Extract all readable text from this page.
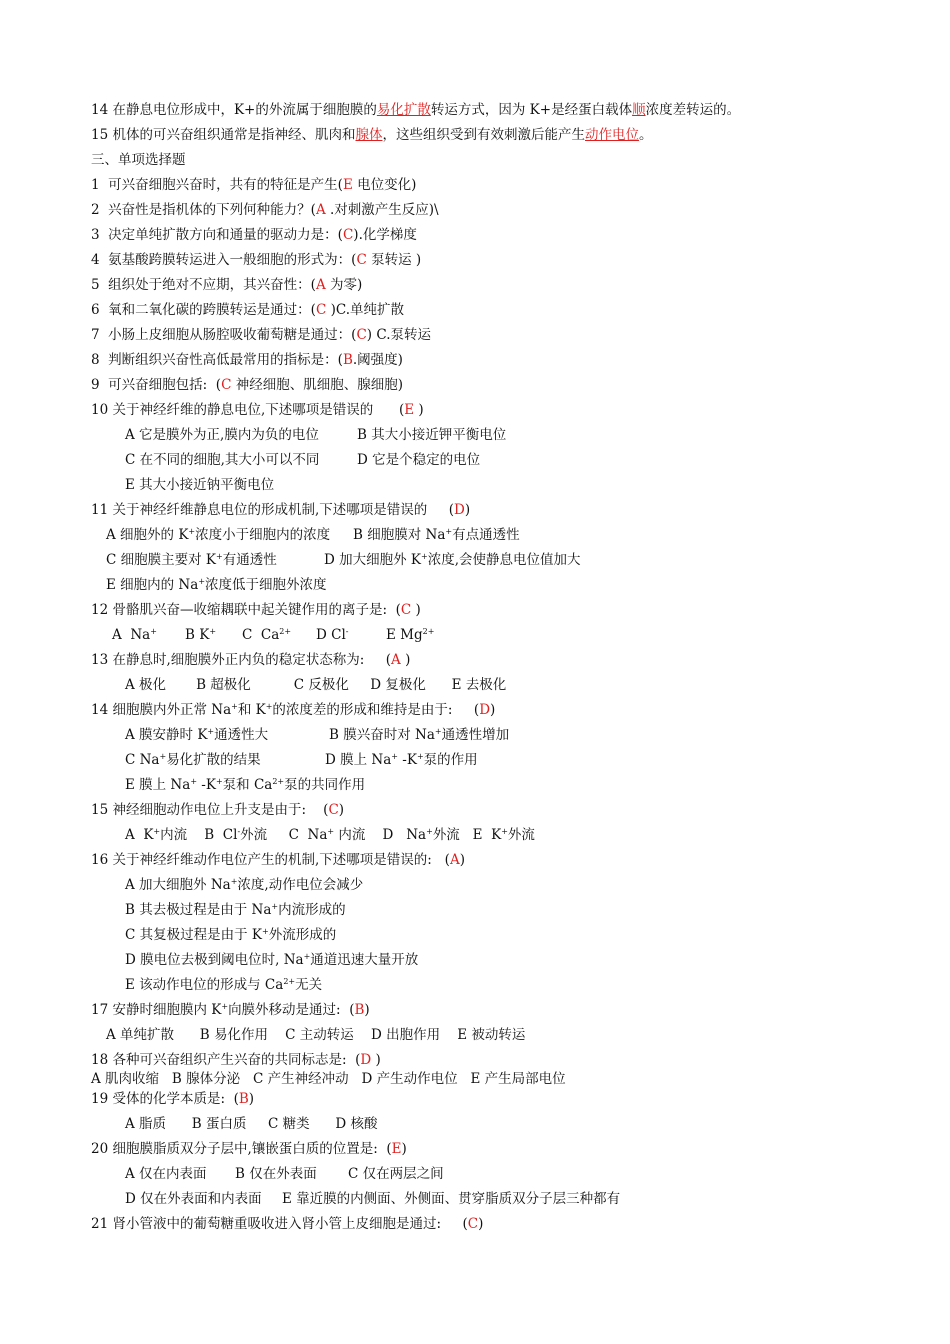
14 在静息电位形成中，K+的外流属于细胞膜的易化扩散转运方式，因为 K+是经蛋白载体顺浓度差转运的。
15 机体的可兴奋组织通常是指神经、肌肉和腺体，这些组织受到有效刺激后能产生动作电位。
三、单项选择题
1  可兴奋细胞兴奋时，共有的特征是产生(E 电位变化)
2  兴奋性是指机体的下列何种能力？(A .对刺激产生反应)\
3  决定单纯扩散方向和通量的驱动力是：(C).化学梯度
4  氨基酸跨膜转运进入一般细胞的形式为：(C 泵转运 )
5  组织处于绝对不应期，其兴奋性：(A 为零)
6  氧和二氧化碳的跨膜转运是通过：(C )C.单纯扩散
7  小肠上皮细胞从肠腔吸收葡萄糖是通过：(C) C.泵转运
8  判断组织兴奋性高低最常用的指标是：(B.阈强度)
9  可兴奋细胞包括:  (C 神经细胞、肌细胞、腺细胞)
10 关于神经纤维的静息电位,下述哪项是错误的      (E )
A 它是膜外为正,膜内为负的电位	B 其大小接近钾平衡电位
C 在不同的细胞,其大小可以不同	D 它是个稳定的电位
E 其大小接近钠平衡电位
11 关于神经纤维静息电位的形成机制,下述哪项是错误的     (D)
A 细胞外的 K+浓度小于细胞内的浓度 B 细胞膜对 Na+有点通透性
C 细胞膜主要对 K+有通透性	D 加大细胞外 K+浓度,会使静息电位值加大
E 细胞内的 Na+浓度低于细胞外浓度
12 骨骼肌兴奋—收缩耦联中起关键作用的离子是:  (C )
A  Na+ B K+ C  $Ca^{2+}$ D Cl-	E $Mg^{2+}$
13 在静息时,细胞膜外正内负的稳定状态称为:     (A )
A 极化       B 超极化          C 反极化     D 复极化      E 去极化
14 细胞膜内外正常 Na+和 K+的浓度差的形成和维持是由于:     (D)
A 膜安静时 K+通透性大	B 膜兴奋时对 Na+通透性增加
C Na+易化扩散的结果	D 膜上 Na+ -K+泵的作用
E 膜上 Na+ -K+泵和 $Ca^{2+}$泵的共同作用
15 神经细胞动作电位上升支是由于:    (C)
A  K+内流    B  Cl-外流     C  Na+ 内流    D   Na+外流   E  K+外流
16 关于神经纤维动作电位产生的机制,下述哪项是错误的:   (A)
A 加大细胞外 Na+浓度,动作电位会减少
B 其去极过程是由于 Na+内流形成的
C 其复极过程是由于 K+外流形成的
D 膜电位去极到阈电位时, Na+通道迅速大量开放
E 该动作电位的形成与 $Ca^{2+}$无关
17 安静时细胞膜内 K+向膜外移动是通过:  (B)
A 单纯扩散      B 易化作用    C 主动转运    D 出胞作用    E 被动转运
18 各种可兴奋组织产生兴奋的共同标志是:  (D )
A 肌肉收缩   B 腺体分泌   C 产生神经冲动   D 产生动作电位   E 产生局部电位
19 受体的化学本质是:  (B)
A 脂质      B 蛋白质     C 糖类      D 核酸
20 细胞膜脂质双分子层中,镶嵌蛋白质的位置是:  (E)
A 仅在内表面 B 仅在外表面 C 仅在两层之间
D 仅在外表面和内表面 E 靠近膜的内侧面、外侧面、贯穿脂质双分子层三种都有
21 肾小管液中的葡萄糖重吸收进入肾小管上皮细胞是通过:     (C)
